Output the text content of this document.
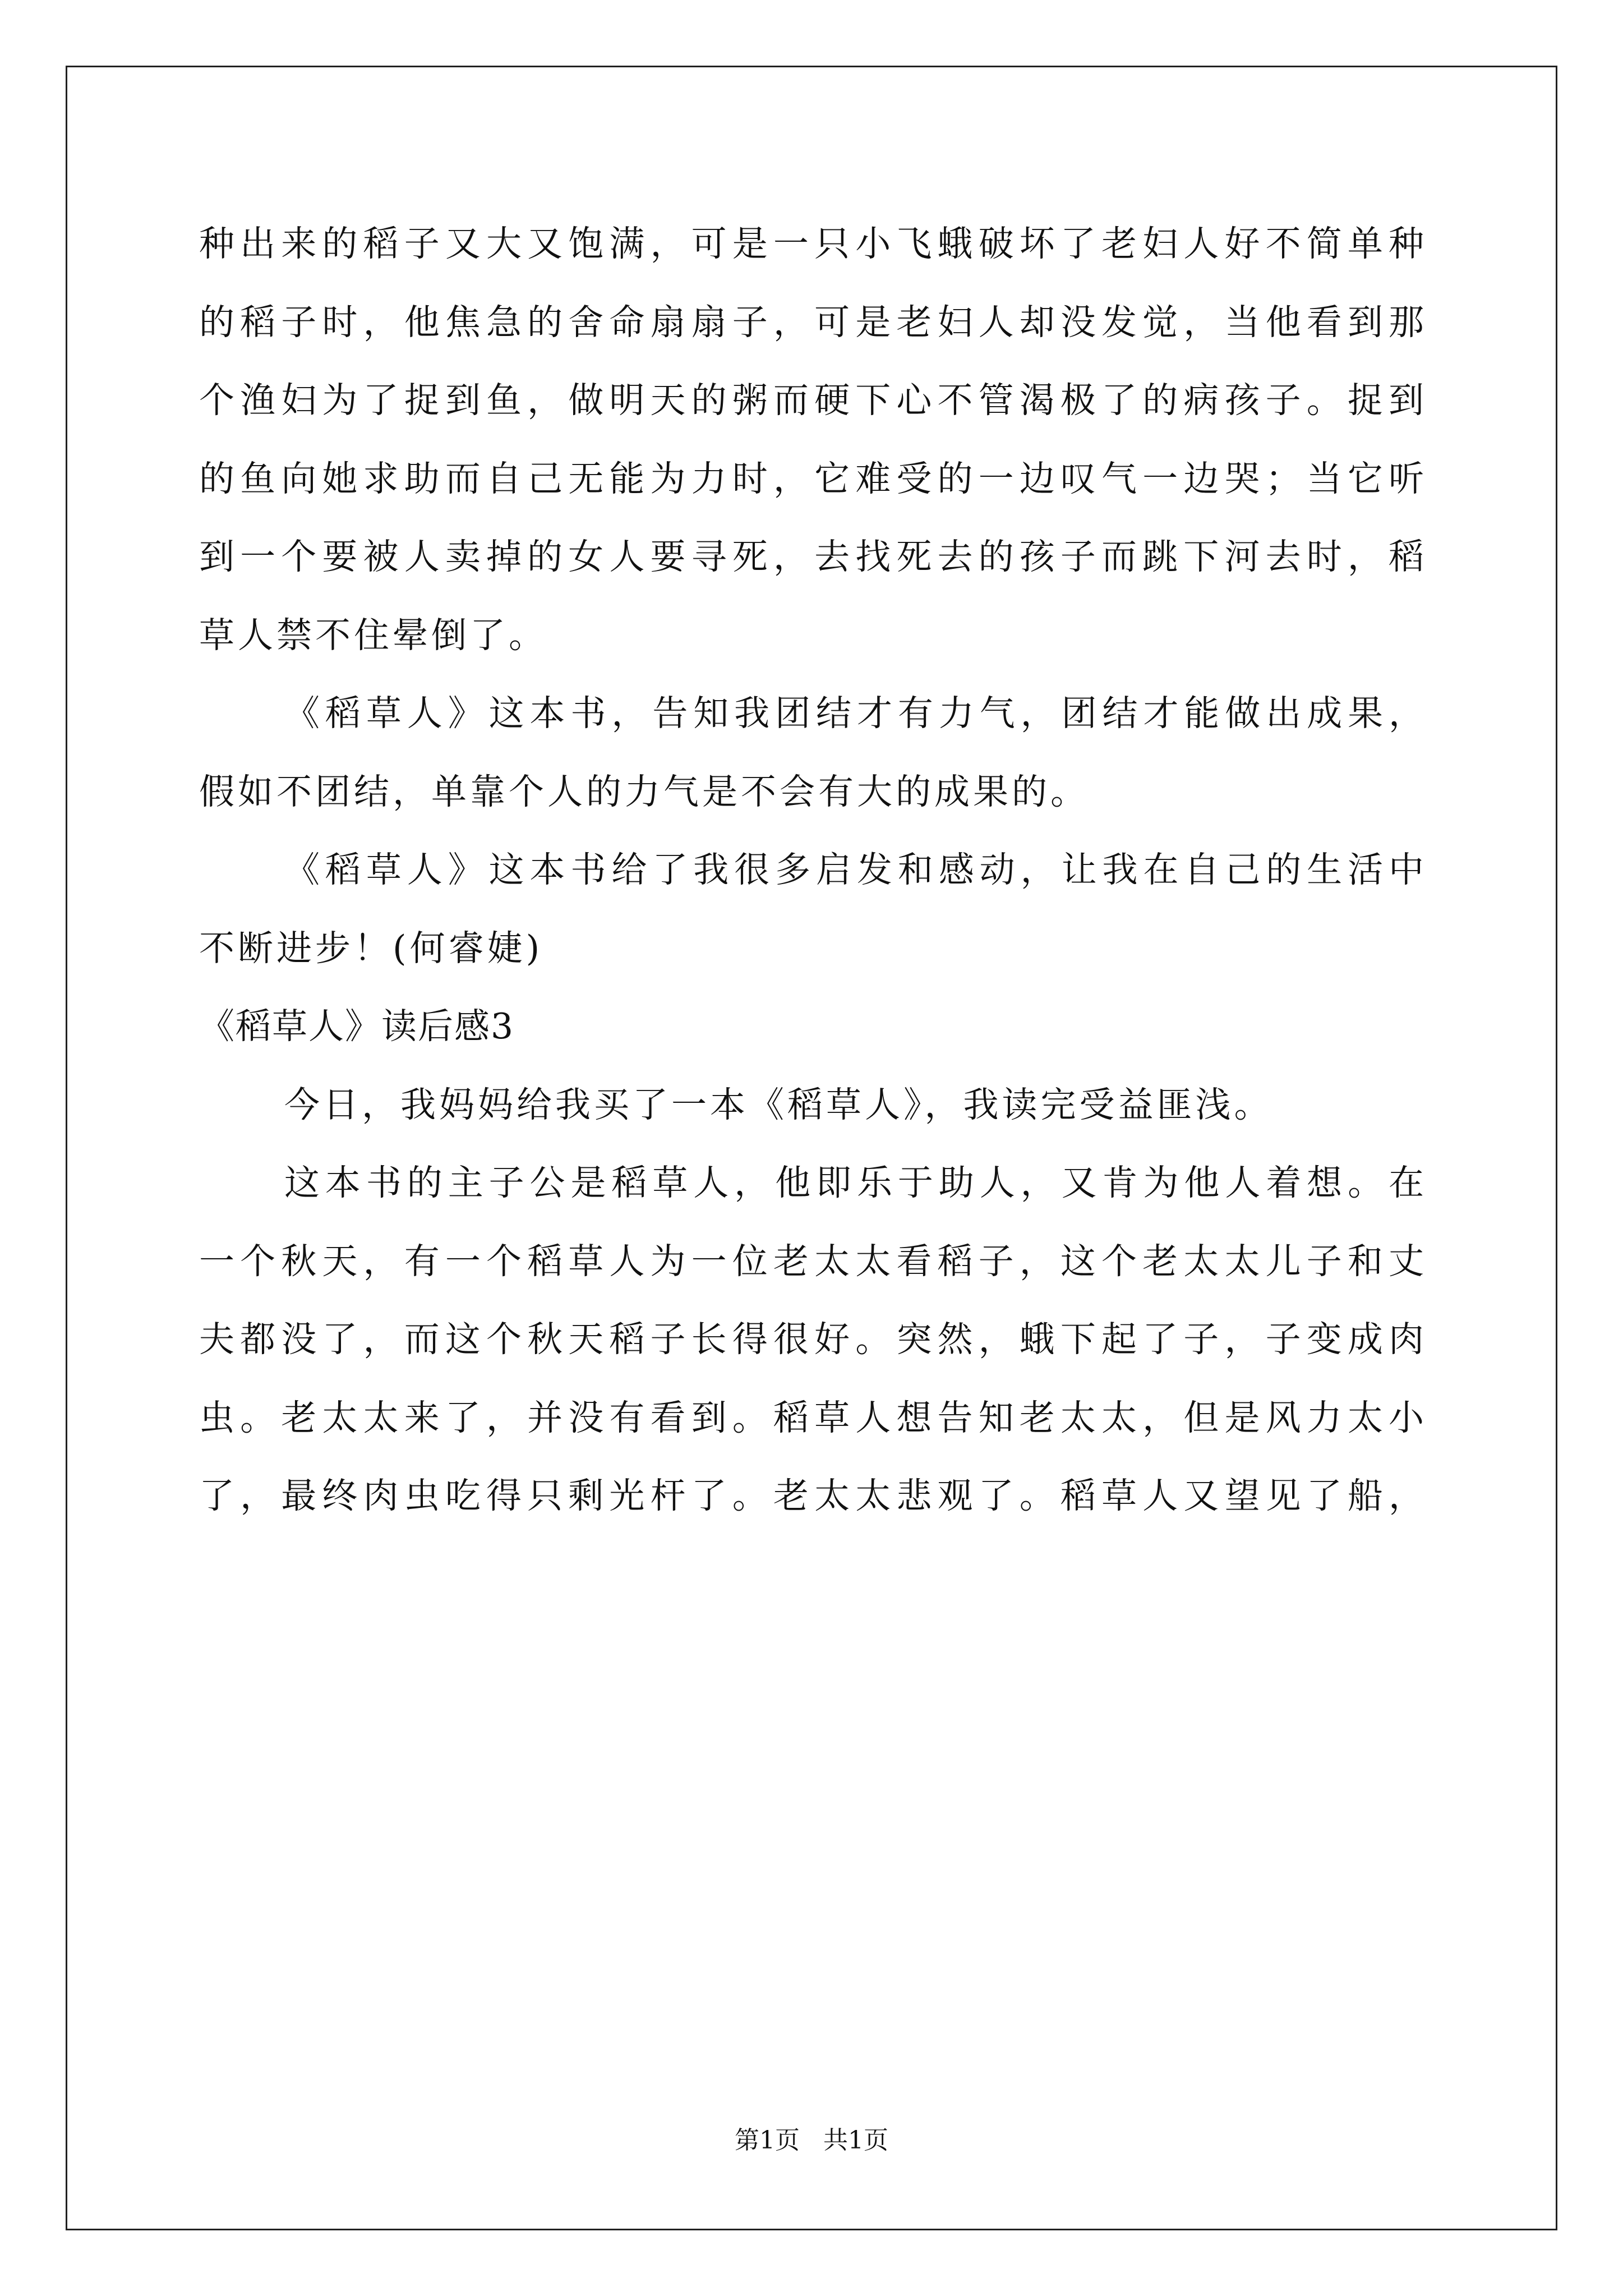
种出来的稻子又大又饱满，可是一只小飞蛾破坏了老妇人好不简单种
的稻子时，他焦急的舍命扇扇子，可是老妇人却没发觉，当他看到那
个渔妇为了捉到鱼，做明天的粥而硬下心不管渴极了的病孩子。捉到
的鱼向她求助而自己无能为力时，它难受的一边叹气一边哭；当它听
到一个要被人卖掉的女人要寻死，去找死去的孩子而跳下河去时，稻
草人禁不住晕倒了。
《稻草人》这本书，告知我团结才有力气，团结才能做出成果，
假如不团结，单靠个人的力气是不会有大的成果的。
《稻草人》这本书给了我很多启发和感动，让我在自己的生活中
不断进步！(何睿婕)
《稻草人》读后感3
今日，我妈妈给我买了一本《稻草人》，我读完受益匪浅。
这本书的主子公是稻草人，他即乐于助人，又肯为他人着想。在
一个秋天，有一个稻草人为一位老太太看稻子，这个老太太儿子和丈
夫都没了，而这个秋天稻子长得很好。突然，蛾下起了子，子变成肉
虫。老太太来了，并没有看到。稻草人想告知老太太，但是风力太小
了，最终肉虫吃得只剩光杆了。老太太悲观了。稻草人又望见了船，
第1页 共1页
